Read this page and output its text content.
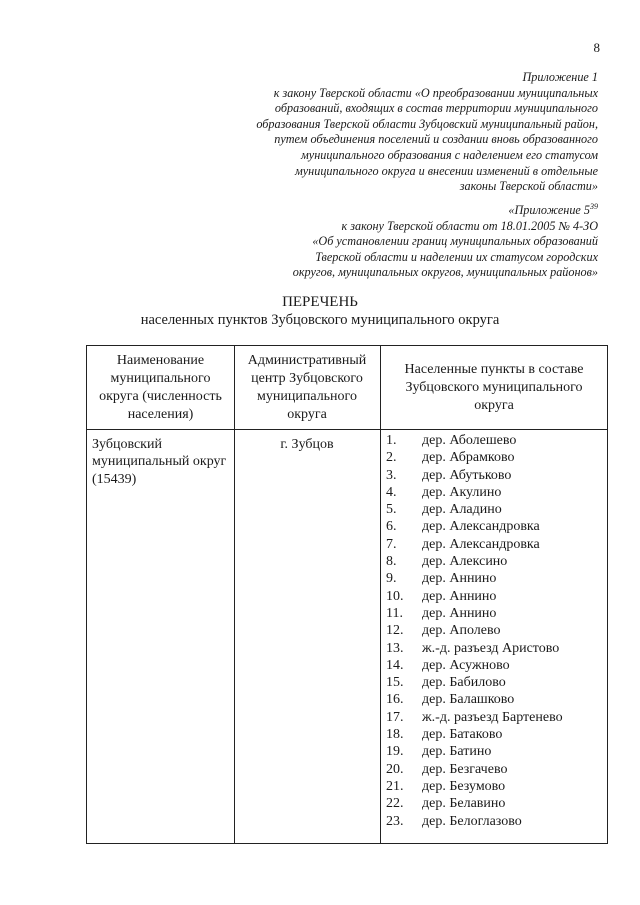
8
Приложение 1
к закону Тверской области «О преобразовании муниципальных
образований, входящих в состав территории муниципального
образования Тверской области Зубцовский муниципальный район,
путем объединения поселений и создании вновь образованного
муниципального образования с наделением его статусом
муниципального округа и внесении изменений в отдельные
законы Тверской области»
«Приложение $5^{39}$
к закону Тверской области от 18.01.2005 № 4-ЗО
«Об установлении границ муниципальных образований
Тверской области и наделении их статусом городских
округов, муниципальных округов, муниципальных районов»
ПЕРЕЧЕНЬ
населенных пунктов Зубцовского муниципального округа
Наименование муниципального округа (численность населения)
Административный центр Зубцовского муниципального округа
Населенные пункты в составе Зубцовского муниципального округа
Зубцовский муниципальный округ (15439)
г. Зубцов	1. дер. Аболешево
2. дер. Абрамково
3. дер. Абутьково
4. дер. Акулино
5. дер. Аладино
6. дер. Александровка
7. дер. Александровка
8. дер. Алексино
9. дер. Аннино
10. дер. Аннино
11. дер. Аннино
12. дер. Аполево
13. ж.-д. разъезд Аристово
14. дер. Асужново
15. дер. Бабилово
16. дер. Балашково
17. ж.-д. разъезд Бартенево
18. дер. Батаково
19. дер. Батино
20. дер. Безгачево
21. дер. Безумово
22. дер. Белавино
23. дер. Белоглазово
